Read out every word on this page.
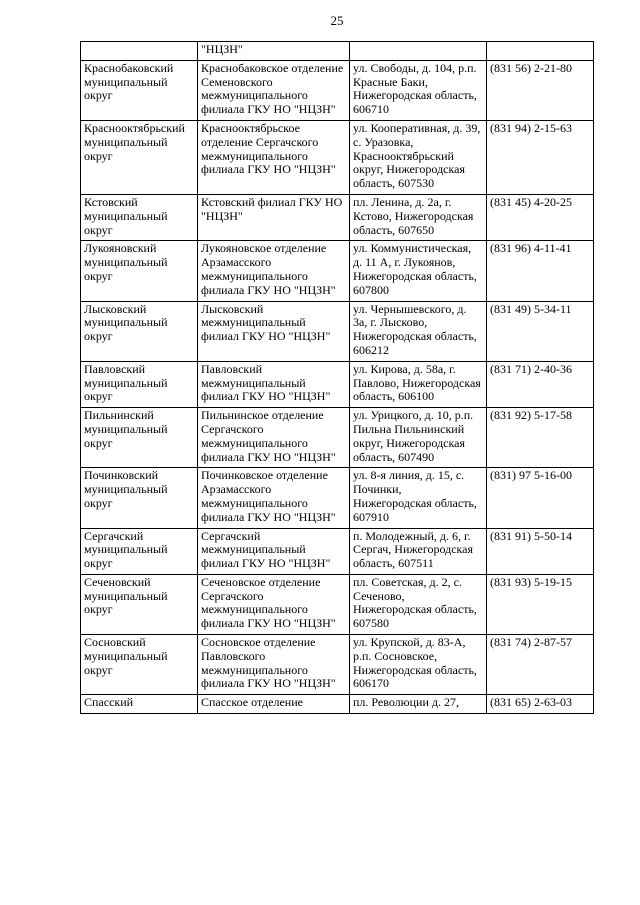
25
	"НЦЗН"		
Краснобаковский муниципальный округ	Краснобаковское отделение Семеновского межмуниципального филиала ГКУ НО "НЦЗН"	ул. Свободы, д. 104, р.п. Красные Баки, Нижегородская область, 606710	(831 56) 2-21-80
Краснооктябрьский муниципальный округ	Краснооктябрьское отделение Сергачского межмуниципального филиала ГКУ НО "НЦЗН"	ул. Кооперативная, д. 39, с. Уразовка, Краснооктябрьский округ, Нижегородская область, 607530	(831 94) 2-15-63
Кстовский муниципальный округ	Кстовский филиал ГКУ НО "НЦЗН"	пл. Ленина, д. 2а, г. Кстово, Нижегородская область, 607650	(831 45) 4-20-25
Лукояновский муниципальный округ	Лукояновское отделение Арзамасского межмуниципального филиала ГКУ НО "НЦЗН"	ул. Коммунистическая, д. 11 А, г. Лукоянов, Нижегородская область, 607800	(831 96) 4-11-41
Лысковский муниципальный округ	Лысковский межмуниципальный филиал ГКУ НО "НЦЗН"	ул. Чернышевского, д. 3а, г. Лысково, Нижегородская область, 606212	(831 49) 5-34-11
Павловский муниципальный округ	Павловский межмуниципальный филиал ГКУ НО "НЦЗН"	ул. Кирова, д. 58а, г. Павлово, Нижегородская область, 606100	(831 71) 2-40-36
Пильнинский муниципальный округ	Пильнинское отделение Сергачского межмуниципального филиала ГКУ НО "НЦЗН"	ул. Урицкого, д. 10, р.п. Пильна Пильнинский округ, Нижегородская область, 607490	(831 92) 5-17-58
Починковский муниципальный округ	Починковское отделение Арзамасского межмуниципального филиала ГКУ НО "НЦЗН"	ул. 8-я линия, д. 15, с. Починки, Нижегородская область, 607910	(831) 97 5-16-00
Сергачский муниципальный округ	Сергачский межмуниципальный филиал ГКУ НО "НЦЗН"	п. Молодежный, д. 6, г. Сергач, Нижегородская область, 607511	(831 91) 5-50-14
Сеченовский муниципальный округ	Сеченовское отделение Сергачского межмуниципального филиала ГКУ НО "НЦЗН"	пл. Советская, д. 2, с. Сеченово, Нижегородская область, 607580	(831 93) 5-19-15
Сосновский муниципальный округ	Сосновское отделение Павловского межмуниципального филиала ГКУ НО "НЦЗН"	ул. Крупской, д. 83-А, р.п. Сосновское, Нижегородская область, 606170	(831 74) 2-87-57
Спасский	Спасское отделение	пл. Революции д. 27,	(831 65) 2-63-03
